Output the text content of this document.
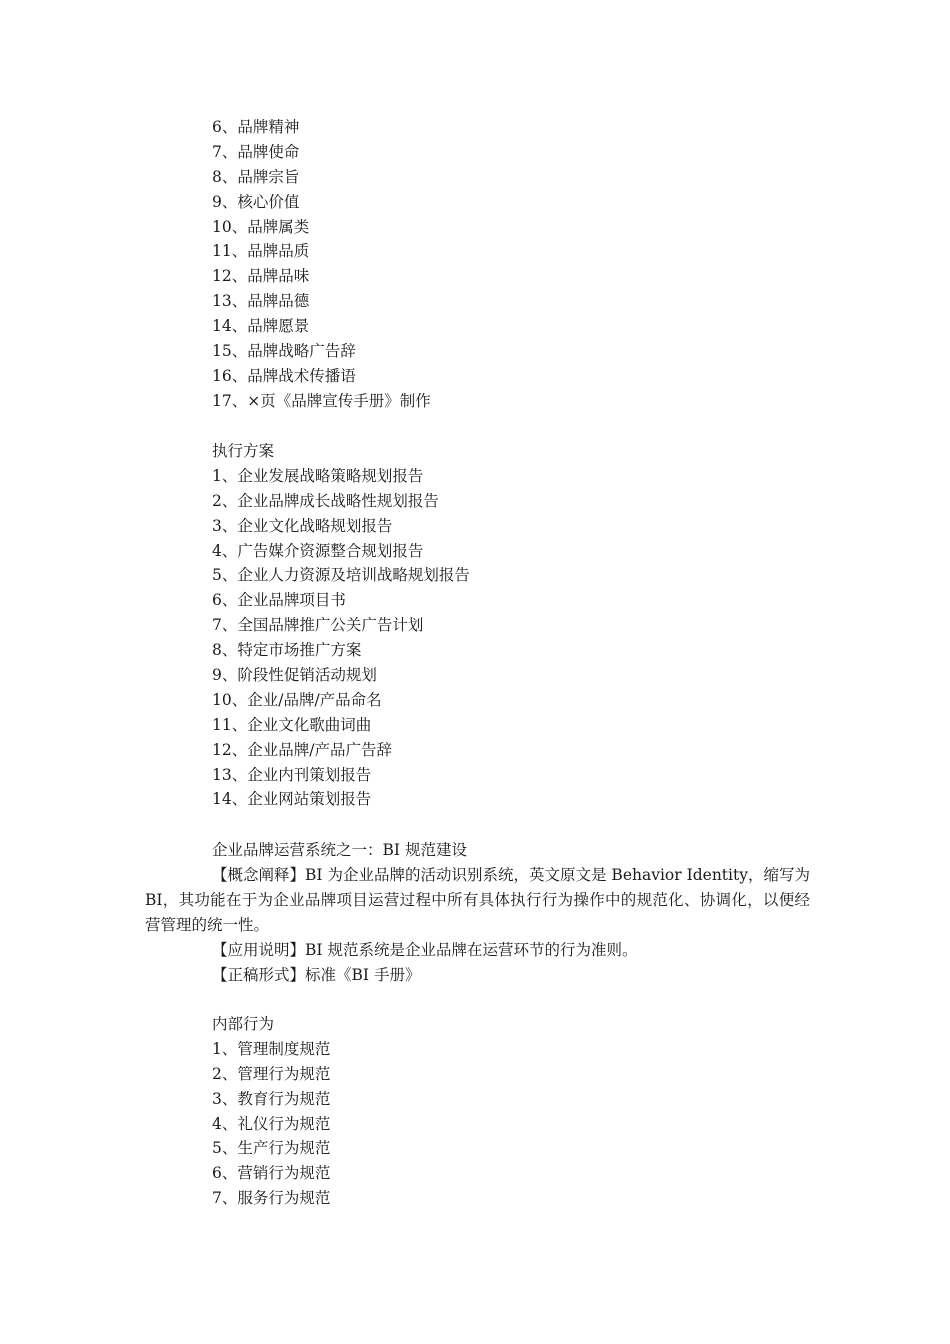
6、品牌精神
7、品牌使命
8、品牌宗旨
9、核心价值
10、品牌属类
11、品牌品质
12、品牌品味
13、品牌品德
14、品牌愿景
15、品牌战略广告辞
16、品牌战术传播语
17、×页《品牌宣传手册》制作
执行方案
1、企业发展战略策略规划报告
2、企业品牌成长战略性规划报告
3、企业文化战略规划报告
4、广告媒介资源整合规划报告
5、企业人力资源及培训战略规划报告
6、企业品牌项目书
7、全国品牌推广公关广告计划
8、特定市场推广方案
9、阶段性促销活动规划
10、企业/品牌/产品命名
11、企业文化歌曲词曲
12、企业品牌/产品广告辞
13、企业内刊策划报告
14、企业网站策划报告
企业品牌运营系统之一：BI 规范建设
【概念阐释】BI 为企业品牌的活动识别系统，英文原文是 Behavior Identity，缩写为 BI，其功能在于为企业品牌项目运营过程中所有具体执行行为操作中的规范化、协调化，以便经营管理的统一性。
【应用说明】BI 规范系统是企业品牌在运营环节的行为准则。
【正稿形式】标准《BI 手册》
内部行为
1、管理制度规范
2、管理行为规范
3、教育行为规范
4、礼仪行为规范
5、生产行为规范
6、营销行为规范
7、服务行为规范
